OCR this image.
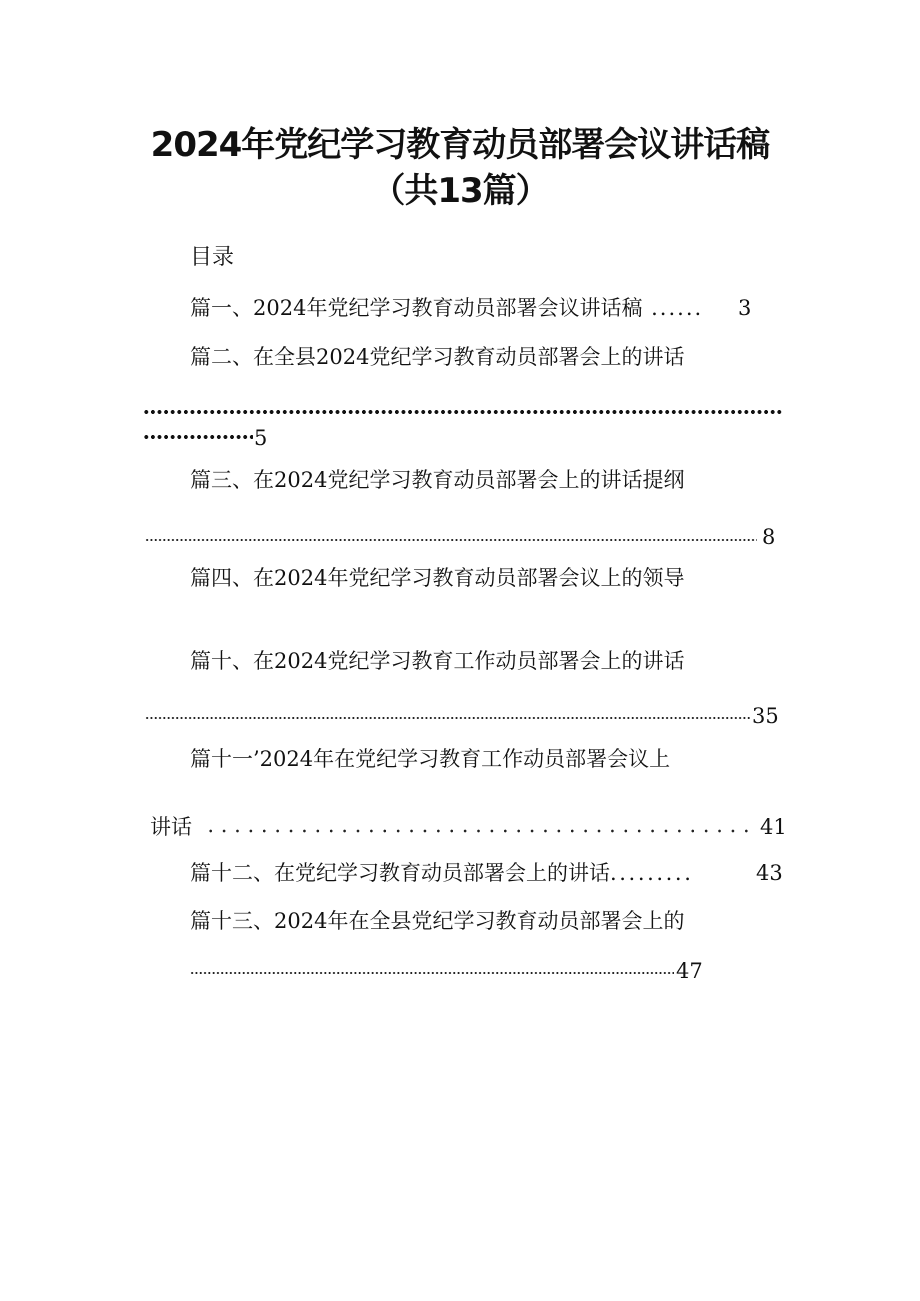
2024年党纪学习教育动员部署会议讲话稿
（共13篇）
目录
篇一、2024年党纪学习教育动员部署会议讲话稿 ...... 3
篇二、在全县2024党纪学习教育动员部署会上的讲话
5
篇三、在2024党纪学习教育动员部署会上的讲话提纲
8
篇四、在2024年党纪学习教育动员部署会议上的领导
篇十、在2024党纪学习教育工作动员部署会上的讲话
35
篇十一’2024年在党纪学习教育工作动员部署会议上
讲话	41
篇十二、在党纪学习教育动员部署会上的讲话.........	43
篇十三、2024年在全县党纪学习教育动员部署会上的
47
